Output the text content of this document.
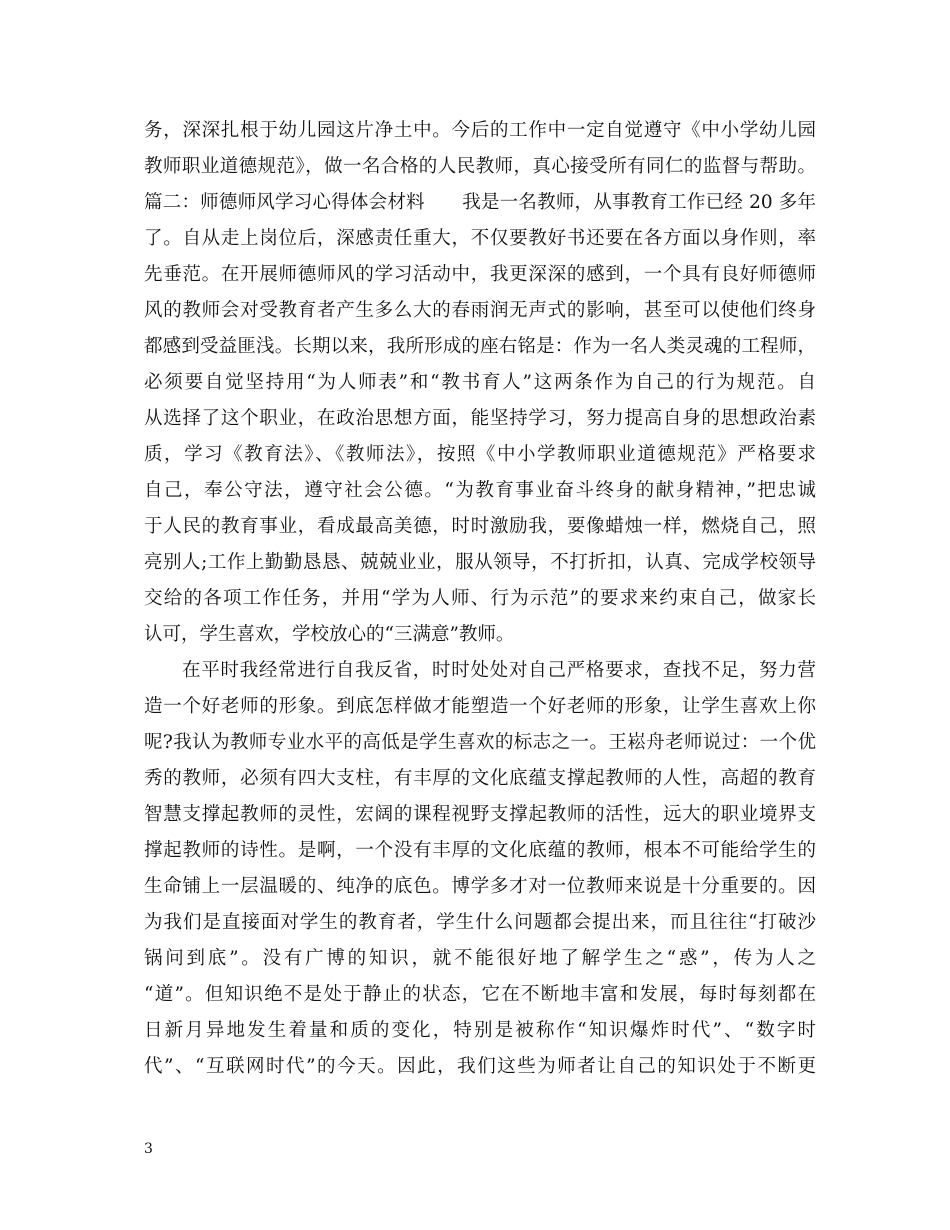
务，深深扎根于幼儿园这片净土中。今后的工作中一定自觉遵守《中小学幼儿园
教师职业道德规范》，做一名合格的人民教师，真心接受所有同仁的监督与帮助。
篇二：师德师风学习心得体会材料　　我是一名教师，从事教育工作已经 20 多年
了。自从走上岗位后，深感责任重大，不仅要教好书还要在各方面以身作则，率
先垂范。在开展师德师风的学习活动中，我更深深的感到，一个具有良好师德师
风的教师会对受教育者产生多么大的春雨润无声式的影响，甚至可以使他们终身
都感到受益匪浅。长期以来，我所形成的座右铭是：作为一名人类灵魂的工程师，
必须要自觉坚持用“为人师表”和“教书育人”这两条作为自己的行为规范。自
从选择了这个职业，在政治思想方面，能坚持学习，努力提高自身的思想政治素
质，学习《教育法》、《教师法》，按照《中小学教师职业道德规范》严格要求
自己，奉公守法，遵守社会公德。“为教育事业奋斗终身的献身精神，”把忠诚
于人民的教育事业，看成最高美德，时时激励我，要像蜡烛一样，燃烧自己，照
亮别人;工作上勤勤恳恳、兢兢业业，服从领导，不打折扣，认真、完成学校领导
交给的各项工作任务，并用“学为人师、行为示范”的要求来约束自己，做家长
认可，学生喜欢，学校放心的“三满意”教师。
在平时我经常进行自我反省，时时处处对自己严格要求，查找不足，努力营
造一个好老师的形象。到底怎样做才能塑造一个好老师的形象，让学生喜欢上你
呢?我认为教师专业水平的高低是学生喜欢的标志之一。王崧舟老师说过：一个优
秀的教师，必须有四大支柱，有丰厚的文化底蕴支撑起教师的人性，高超的教育
智慧支撑起教师的灵性，宏阔的课程视野支撑起教师的活性，远大的职业境界支
撑起教师的诗性。是啊，一个没有丰厚的文化底蕴的教师，根本不可能给学生的
生命铺上一层温暖的、纯净的底色。博学多才对一位教师来说是十分重要的。因
为我们是直接面对学生的教育者，学生什么问题都会提出来，而且往往“打破沙
锅问到底”。没有广博的知识，就不能很好地了解学生之“惑”，传为人之
“道”。但知识绝不是处于静止的状态，它在不断地丰富和发展，每时每刻都在
日新月异地发生着量和质的变化，特别是被称作“知识爆炸时代”、“数字时
代”、“互联网时代”的今天。因此，我们这些为师者让自己的知识处于不断更
3
